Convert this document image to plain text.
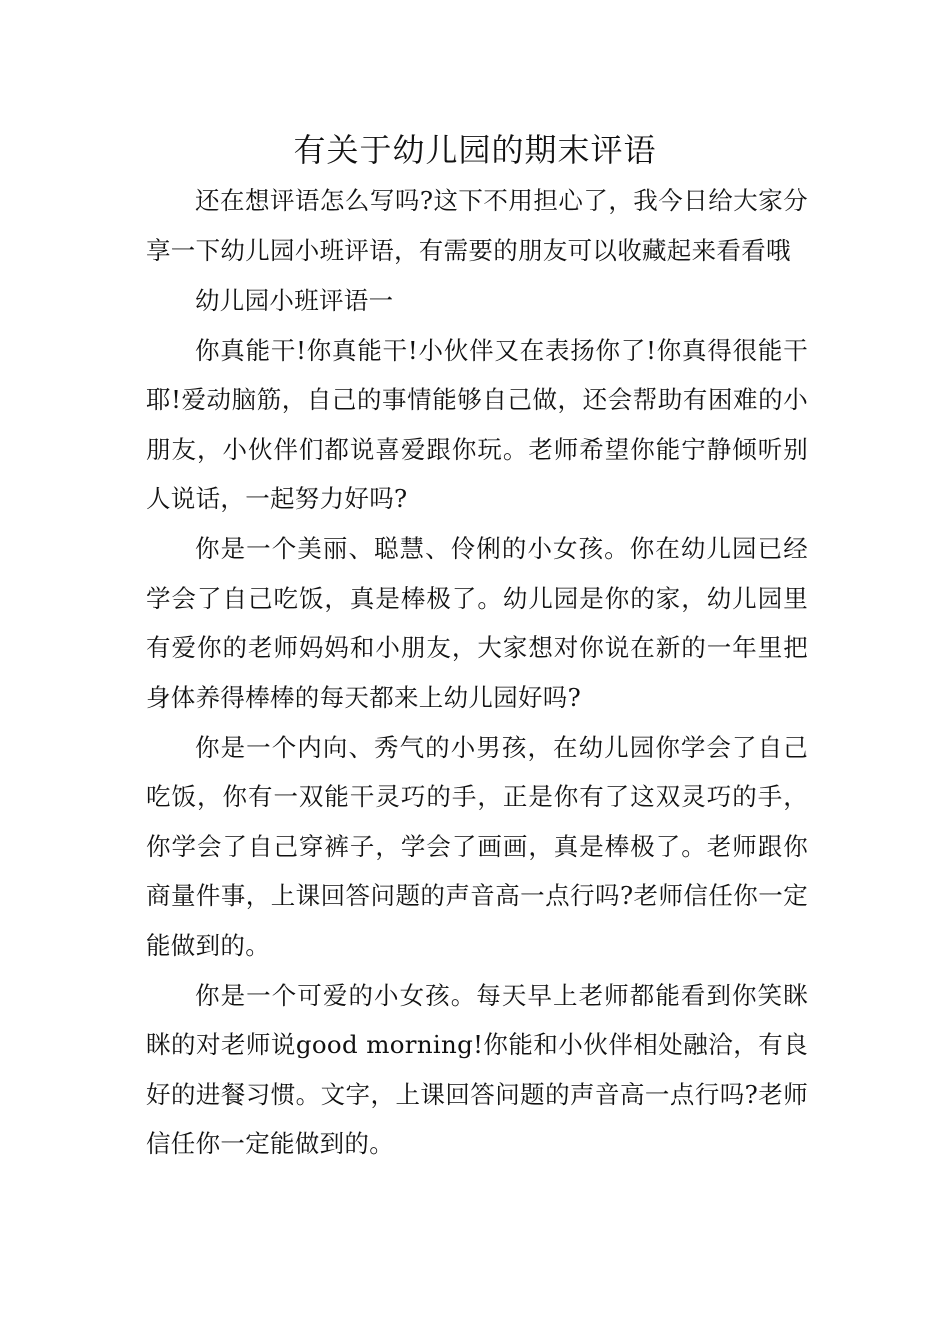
有关于幼儿园的期末评语

还在想评语怎么写吗?这下不用担心了，我今日给大家分享一下幼儿园小班评语，有需要的朋友可以收藏起来看看哦

幼儿园小班评语一

你真能干!你真能干!小伙伴又在表扬你了!你真得很能干耶!爱动脑筋，自己的事情能够自己做，还会帮助有困难的小朋友，小伙伴们都说喜爱跟你玩。老师希望你能宁静倾听别人说话，一起努力好吗?

你是一个美丽、聪慧、伶俐的小女孩。你在幼儿园已经学会了自己吃饭，真是棒极了。幼儿园是你的家，幼儿园里有爱你的老师妈妈和小朋友，大家想对你说在新的一年里把身体养得棒棒的每天都来上幼儿园好吗?

你是一个内向、秀气的小男孩，在幼儿园你学会了自己吃饭，你有一双能干灵巧的手，正是你有了这双灵巧的手，你学会了自己穿裤子，学会了画画，真是棒极了。老师跟你商量件事，上课回答问题的声音高一点行吗?老师信任你一定能做到的。

你是一个可爱的小女孩。每天早上老师都能看到你笑眯眯的对老师说good morning!你能和小伙伴相处融洽，有良好的进餐习惯。文字，上课回答问题的声音高一点行吗?老师信任你一定能做到的。
